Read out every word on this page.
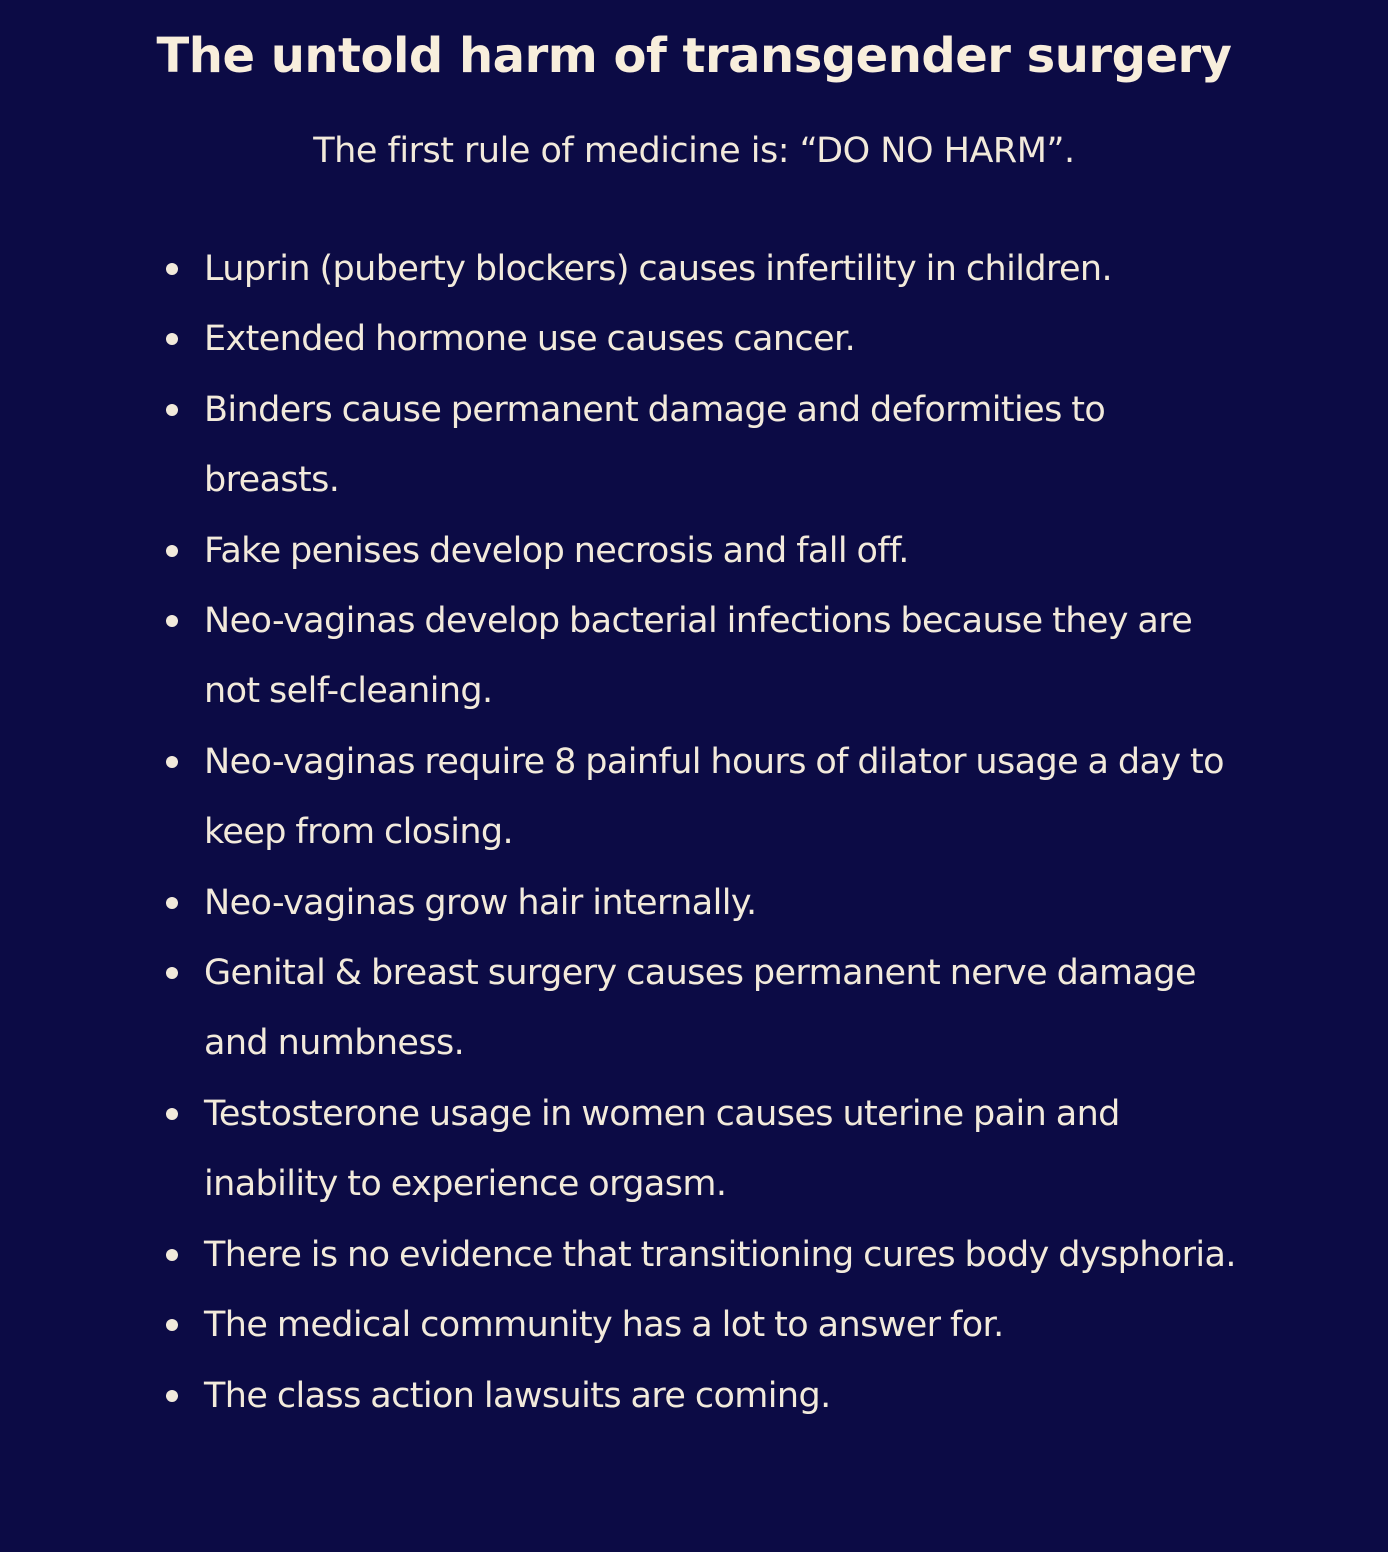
The untold harm of transgender surgery

The first rule of medicine is: “DO NO HARM”.

Luprin (puberty blockers) causes infertility in children.
Extended hormone use causes cancer.
Binders cause permanent damage and deformities to breasts.
Fake penises develop necrosis and fall off.
Neo-vaginas develop bacterial infections because they are not self-cleaning.
Neo-vaginas require 8 painful hours of dilator usage a day to keep from closing.
Neo-vaginas grow hair internally.
Genital & breast surgery causes permanent nerve damage and numbness.
Testosterone usage in women causes uterine pain and inability to experience orgasm.
There is no evidence that transitioning cures body dysphoria.
The medical community has a lot to answer for.
The class action lawsuits are coming.
